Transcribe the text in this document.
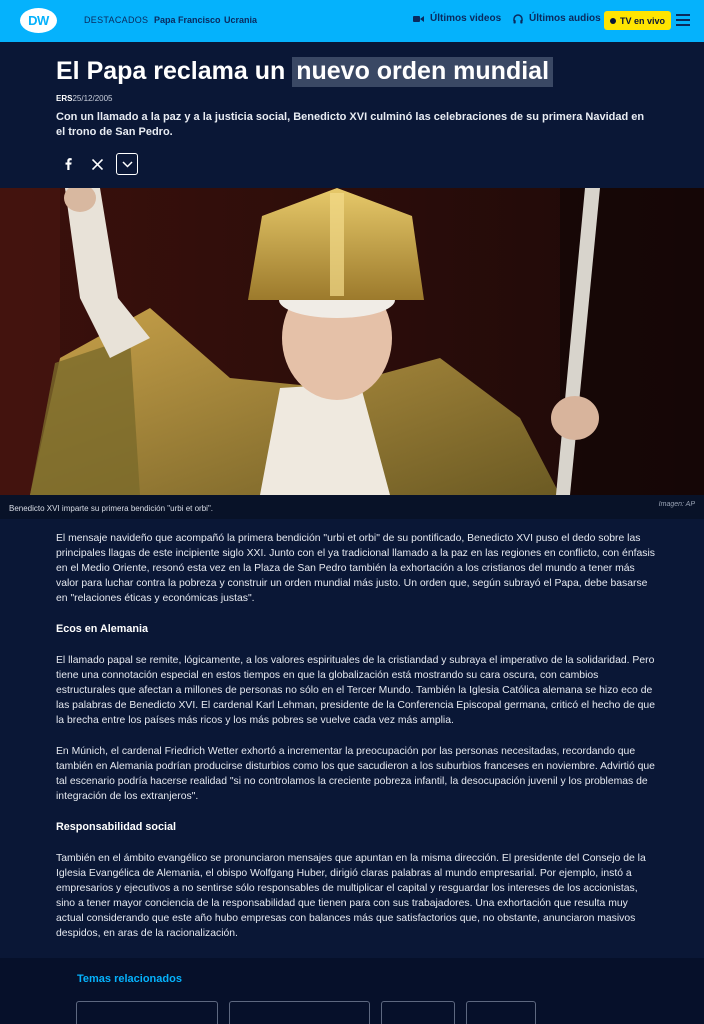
DW	DESTACADOS Papa Francisco Ucrania	Últimos videos	Últimos audios TV en vivo
El Papa reclama un nuevo orden mundial
ERS25/12/2005

Con un llamado a la paz y a la justicia social, Benedicto XVI culminó las celebraciones de su primera Navidad en el trono de San Pedro.

Benedicto XVI imparte su primera bendición "urbi et orbi".	Imagen: AP

El mensaje navideño que acompañó la primera bendición "urbi et orbi" de su pontificado, Benedicto XVI puso el dedo sobre las principales llagas de este incipiente siglo XXI. Junto con el ya tradicional llamado a la paz en las regiones en conflicto, con énfasis en el Medio Oriente, resonó esta vez en la Plaza de San Pedro también la exhortación a los cristianos del mundo a tener más valor para luchar contra la pobreza y construir un orden mundial más justo. Un orden que, según subrayó el Papa, debe basarse en "relaciones éticas y económicas justas".

Ecos en Alemania

El llamado papal se remite, lógicamente, a los valores espirituales de la cristiandad y subraya el imperativo de la solidaridad. Pero tiene una connotación especial en estos tiempos en que la globalización está mostrando su cara oscura, con cambios estructurales que afectan a millones de personas no sólo en el Tercer Mundo. También la Iglesia Católica alemana se hizo eco de las palabras de Benedicto XVI. El cardenal Karl Lehman, presidente de la Conferencia Episcopal germana, criticó el hecho de que la brecha entre los países más ricos y los más pobres se vuelve cada vez más amplia.

En Múnich, el cardenal Friedrich Wetter exhortó a incrementar la preocupación por las personas necesitadas, recordando que también en Alemania podrían producirse disturbios como los que sacudieron a los suburbios franceses en noviembre. Advirtió que tal escenario podría hacerse realidad "si no controlamos la creciente pobreza infantil, la desocupación juvenil y los problemas de integración de los extranjeros".

Responsabilidad social

También en el ámbito evangélico se pronunciaron mensajes que apuntan en la misma dirección. El presidente del Consejo de la Iglesia Evangélica de Alemania, el obispo Wolfgang Huber, dirigió claras palabras al mundo empresarial. Por ejemplo, instó a empresarios y ejecutivos a no sentirse sólo responsables de multiplicar el capital y resguardar los intereses de los accionistas, sino a tener mayor conciencia de la responsabilidad que tienen para con sus trabajadores. Una exhortación que resulta muy actual considerando que este año hubo empresas con balances más que satisfactorios que, no obstante, anunciaron masivos despidos, en aras de la racionalización.

Temas relacionados
